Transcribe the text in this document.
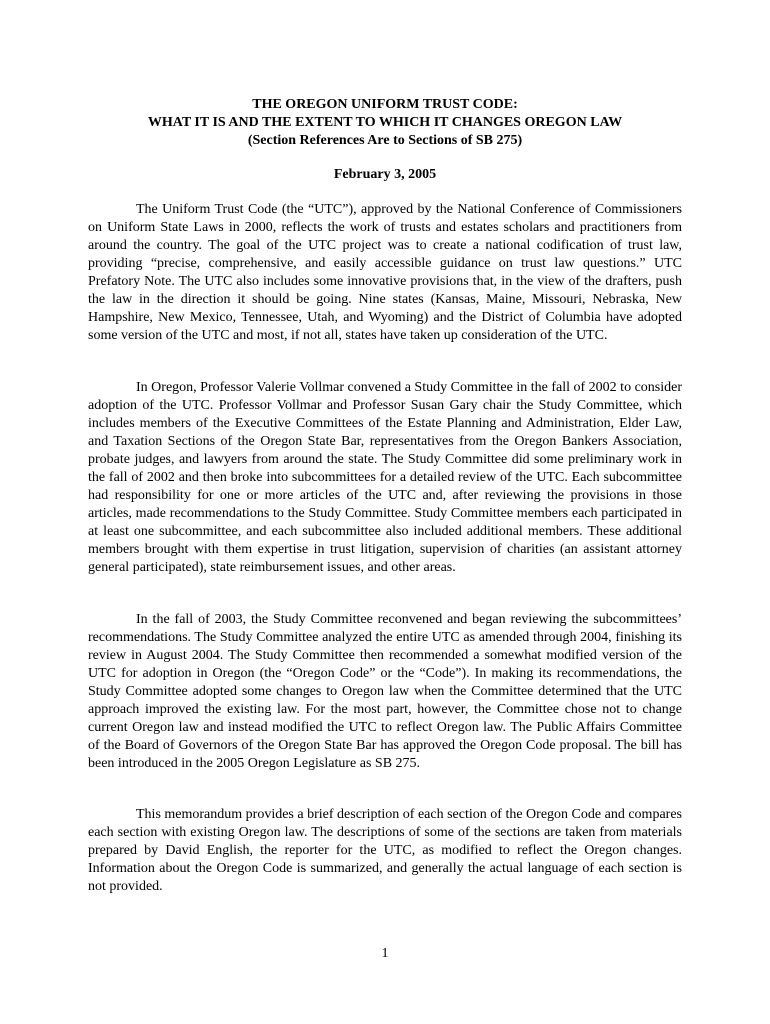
THE OREGON UNIFORM TRUST CODE:
WHAT IT IS AND THE EXTENT TO WHICH IT CHANGES OREGON LAW
(Section References Are to Sections of SB 275)
February 3, 2005

The Uniform Trust Code (the “UTC”), approved by the National Conference of Commissioners on Uniform State Laws in 2000, reflects the work of trusts and estates scholars and practitioners from around the country. The goal of the UTC project was to create a national codification of trust law, providing “precise, comprehensive, and easily accessible guidance on trust law questions.” UTC Prefatory Note. The UTC also includes some innovative provisions that, in the view of the drafters, push the law in the direction it should be going. Nine states (Kansas, Maine, Missouri, Nebraska, New Hampshire, New Mexico, Tennessee, Utah, and Wyoming) and the District of Columbia have adopted some version of the UTC and most, if not all, states have taken up consideration of the UTC.

In Oregon, Professor Valerie Vollmar convened a Study Committee in the fall of 2002 to consider adoption of the UTC. Professor Vollmar and Professor Susan Gary chair the Study Committee, which includes members of the Executive Committees of the Estate Planning and Administration, Elder Law, and Taxation Sections of the Oregon State Bar, representatives from the Oregon Bankers Association, probate judges, and lawyers from around the state. The Study Committee did some preliminary work in the fall of 2002 and then broke into subcommittees for a detailed review of the UTC. Each subcommittee had responsibility for one or more articles of the UTC and, after reviewing the provisions in those articles, made recommendations to the Study Committee. Study Committee members each participated in at least one subcommittee, and each subcommittee also included additional members. These additional members brought with them expertise in trust litigation, supervision of charities (an assistant attorney general participated), state reimbursement issues, and other areas.

In the fall of 2003, the Study Committee reconvened and began reviewing the subcommittees’ recommendations. The Study Committee analyzed the entire UTC as amended through 2004, finishing its review in August 2004. The Study Committee then recommended a somewhat modified version of the UTC for adoption in Oregon (the “Oregon Code” or the “Code”). In making its recommendations, the Study Committee adopted some changes to Oregon law when the Committee determined that the UTC approach improved the existing law. For the most part, however, the Committee chose not to change current Oregon law and instead modified the UTC to reflect Oregon law. The Public Affairs Committee of the Board of Governors of the Oregon State Bar has approved the Oregon Code proposal. The bill has been introduced in the 2005 Oregon Legislature as SB 275.

This memorandum provides a brief description of each section of the Oregon Code and compares each section with existing Oregon law. The descriptions of some of the sections are taken from materials prepared by David English, the reporter for the UTC, as modified to reflect the Oregon changes. Information about the Oregon Code is summarized, and generally the actual language of each section is not provided.

1
